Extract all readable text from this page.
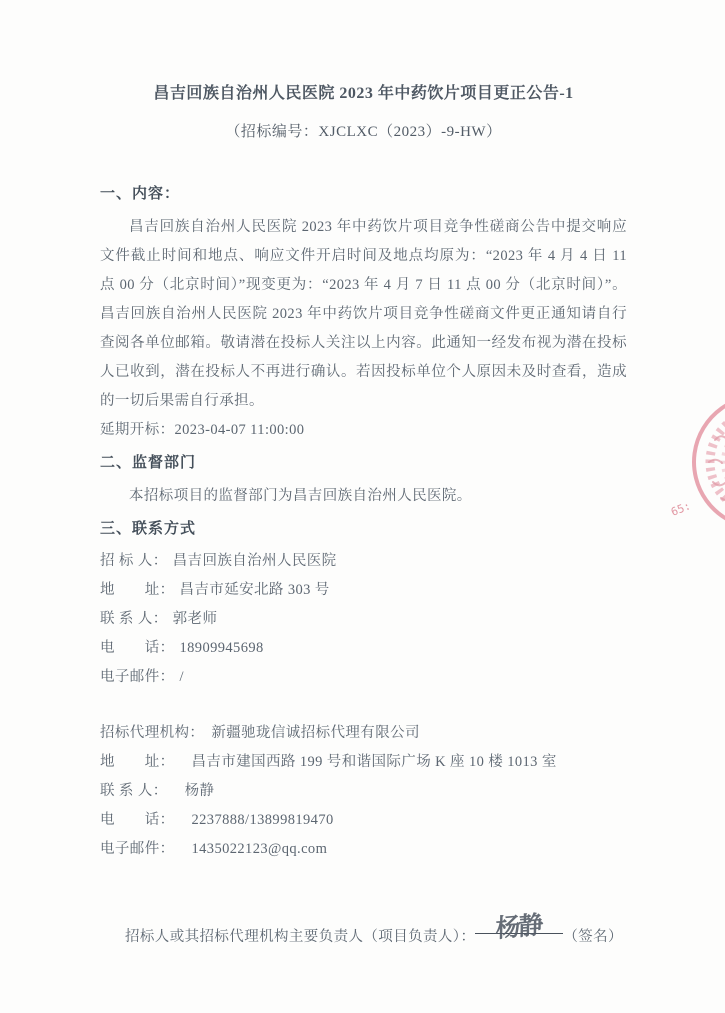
昌吉回族自治州人民医院 2023 年中药饮片项目更正公告-1
（招标编号：XJCLXC（2023）-9-HW）
一、内容：

昌吉回族自治州人民医院 2023 年中药饮片项目竞争性磋商公告中提交响应文件截止时间和地点、响应文件开启时间及地点均原为：“2023 年 4 月 4 日 11 点 00 分（北京时间）”现变更为：“2023 年 4 月 7 日 11 点 00 分（北京时间）”。昌吉回族自治州人民医院 2023 年中药饮片项目竞争性磋商文件更正通知请自行查阅各单位邮箱。敬请潜在投标人关注以上内容。此通知一经发布视为潜在投标人已收到，潜在投标人不再进行确认。若因投标单位个人原因未及时查看，造成的一切后果需自行承担。

延期开标：2023-04-07 11:00:00

二、监督部门

本招标项目的监督部门为昌吉回族自治州人民医院。

三、联系方式
招 标 人： 昌吉回族自治州人民医院
地　　址： 昌吉市延安北路 303 号
联 系 人： 郭老师
电　　话： 18909945698
电子邮件： /
招标代理机构： 新疆驰珑信诚招标代理有限公司
地　　址： 昌吉市建国西路 199 号和谐国际广场 K 座 10 楼 1013 室
联 系 人： 杨静
电　　话： 2237888/13899819470
电子邮件： 1435022123@qq.com
招标人或其招标代理机构主要负责人（项目负责人）： 杨静 （签名）
65:
